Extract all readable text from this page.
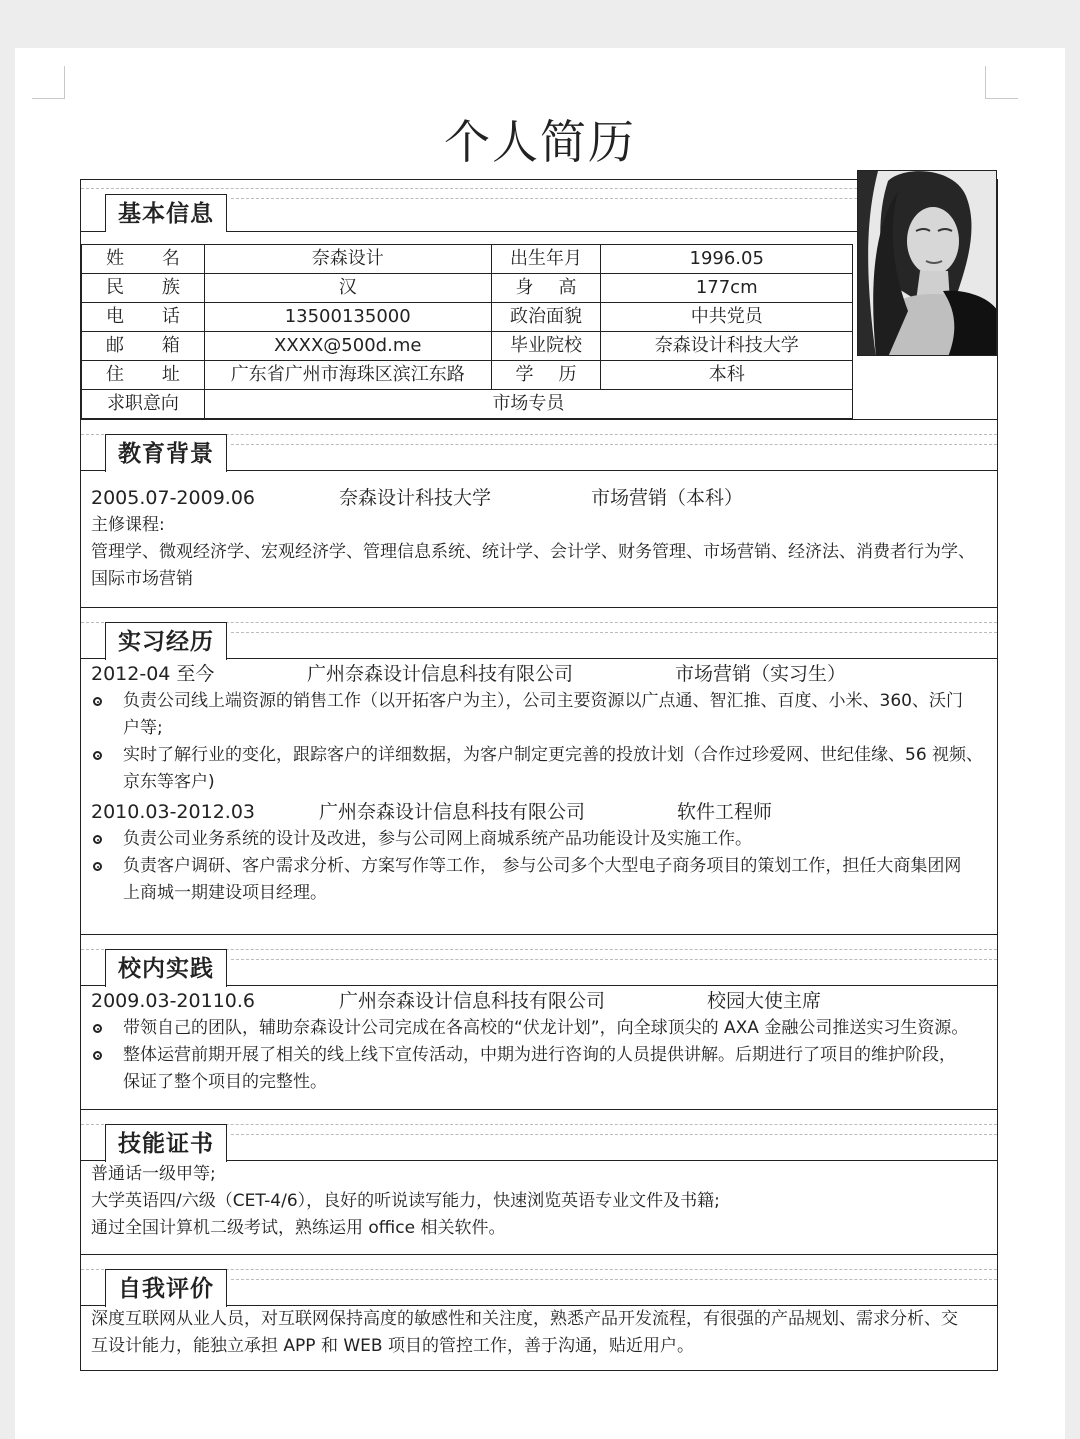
个人简历
基本信息
姓 名	奈森设计	出生年月	1996.05

民 族	汉	身 高	177cm

电 话	13500135000	政治面貌	中共党员

邮 箱	XXXX@500d.me	毕业院校	奈森设计科技大学

住 址	广东省广州市海珠区滨江东路	学 历	本科
求职意向	市场专员		
教育背景
2005.07-2009.06	奈森设计科技大学	市场营销（本科）
主修课程:
管理学、微观经济学、宏观经济学、管理信息系统、统计学、会计学、财务管理、市场营销、经济法、消费者行为学、
国际市场营销
实习经历
2012-04 至今	广州奈森设计信息科技有限公司	市场营销（实习生）
负责公司线上端资源的销售工作（以开拓客户为主），公司主要资源以广点通、智汇推、百度、小米、360、沃门
户等;
实时了解行业的变化，跟踪客户的详细数据，为客户制定更完善的投放计划（合作过珍爱网、世纪佳缘、56 视频、
京东等客户)
2010.03-2012.03	广州奈森设计信息科技有限公司	软件工程师
负责公司业务系统的设计及改进，参与公司网上商城系统产品功能设计及实施工作。
负责客户调研、客户需求分析、方案写作等工作， 参与公司多个大型电子商务项目的策划工作，担任大商集团网
上商城一期建设项目经理。
校内实践
2009.03-20110.6	广州奈森设计信息科技有限公司	校园大使主席
带领自己的团队，辅助奈森设计公司完成在各高校的“伏龙计划”，向全球顶尖的 AXA 金融公司推送实习生资源。
整体运营前期开展了相关的线上线下宣传活动，中期为进行咨询的人员提供讲解。后期进行了项目的维护阶段，
保证了整个项目的完整性。
技能证书
普通话一级甲等;
大学英语四/六级（CET-4/6），良好的听说读写能力，快速浏览英语专业文件及书籍;
通过全国计算机二级考试，熟练运用 office 相关软件。
自我评价
深度互联网从业人员，对互联网保持高度的敏感性和关注度，熟悉产品开发流程，有很强的产品规划、需求分析、交
互设计能力，能独立承担 APP 和 WEB 项目的管控工作，善于沟通，贴近用户。
